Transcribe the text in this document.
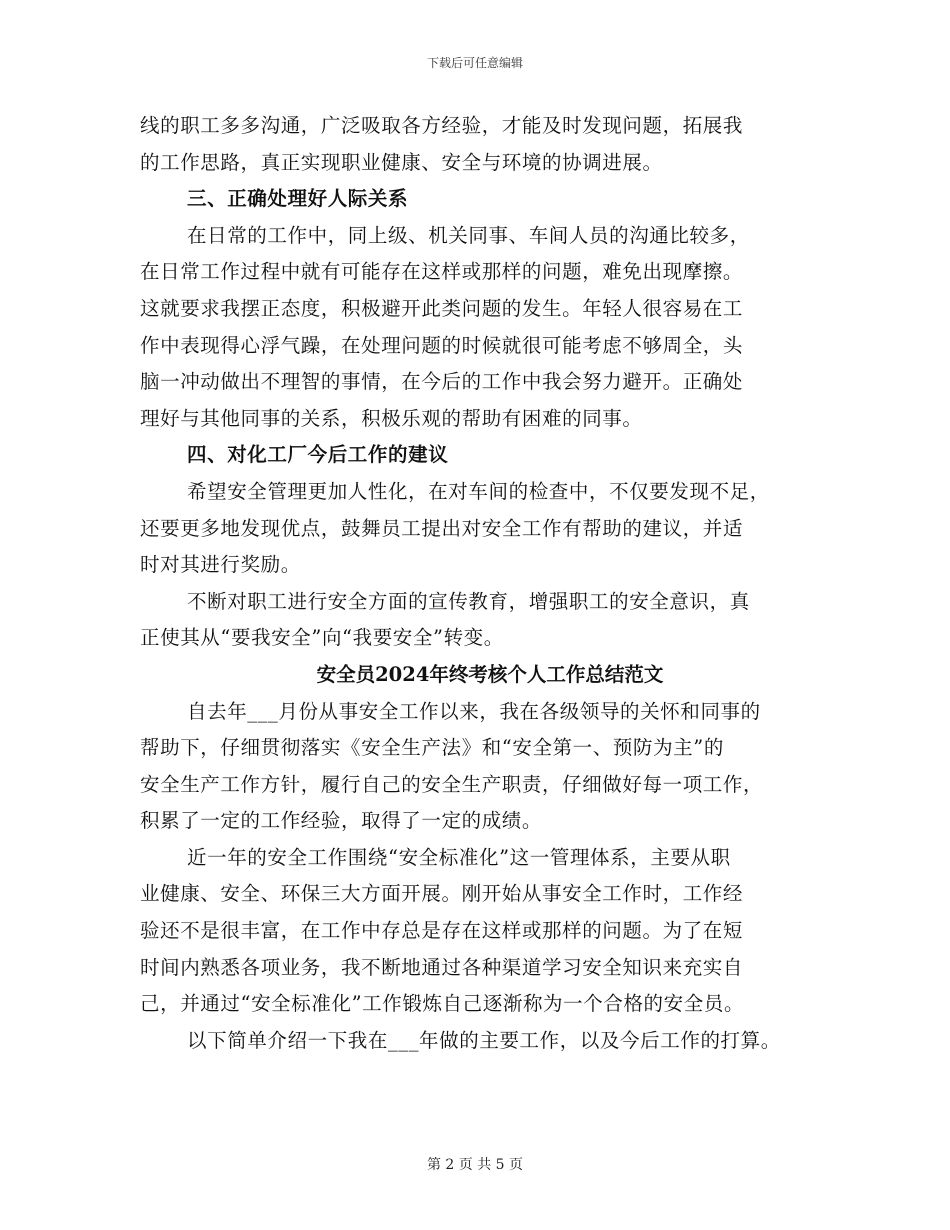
下载后可任意编辑
线的职工多多沟通，广泛吸取各方经验，才能及时发现问题，拓展我
的工作思路，真正实现职业健康、安全与环境的协调进展。
三、正确处理好人际关系
在日常的工作中，同上级、机关同事、车间人员的沟通比较多，
在日常工作过程中就有可能存在这样或那样的问题，难免出现摩擦。
这就要求我摆正态度，积极避开此类问题的发生。年轻人很容易在工
作中表现得心浮气躁，在处理问题的时候就很可能考虑不够周全，头
脑一冲动做出不理智的事情，在今后的工作中我会努力避开。正确处
理好与其他同事的关系，积极乐观的帮助有困难的同事。
四、对化工厂今后工作的建议
希望安全管理更加人性化，在对车间的检查中，不仅要发现不足，
还要更多地发现优点，鼓舞员工提出对安全工作有帮助的建议，并适
时对其进行奖励。
不断对职工进行安全方面的宣传教育，增强职工的安全意识，真
正使其从“要我安全”向“我要安全”转变。
安全员2024年终考核个人工作总结范文
自去年___月份从事安全工作以来，我在各级领导的关怀和同事的
帮助下，仔细贯彻落实《安全生产法》和“安全第一、预防为主”的
安全生产工作方针，履行自己的安全生产职责，仔细做好每一项工作，
积累了一定的工作经验，取得了一定的成绩。
近一年的安全工作围绕“安全标准化”这一管理体系，主要从职
业健康、安全、环保三大方面开展。刚开始从事安全工作时，工作经
验还不是很丰富，在工作中存总是存在这样或那样的问题。为了在短
时间内熟悉各项业务，我不断地通过各种渠道学习安全知识来充实自
己，并通过“安全标准化”工作锻炼自己逐渐称为一个合格的安全员。
以下简单介绍一下我在___年做的主要工作，以及今后工作的打算。
第 2 页 共 5 页
